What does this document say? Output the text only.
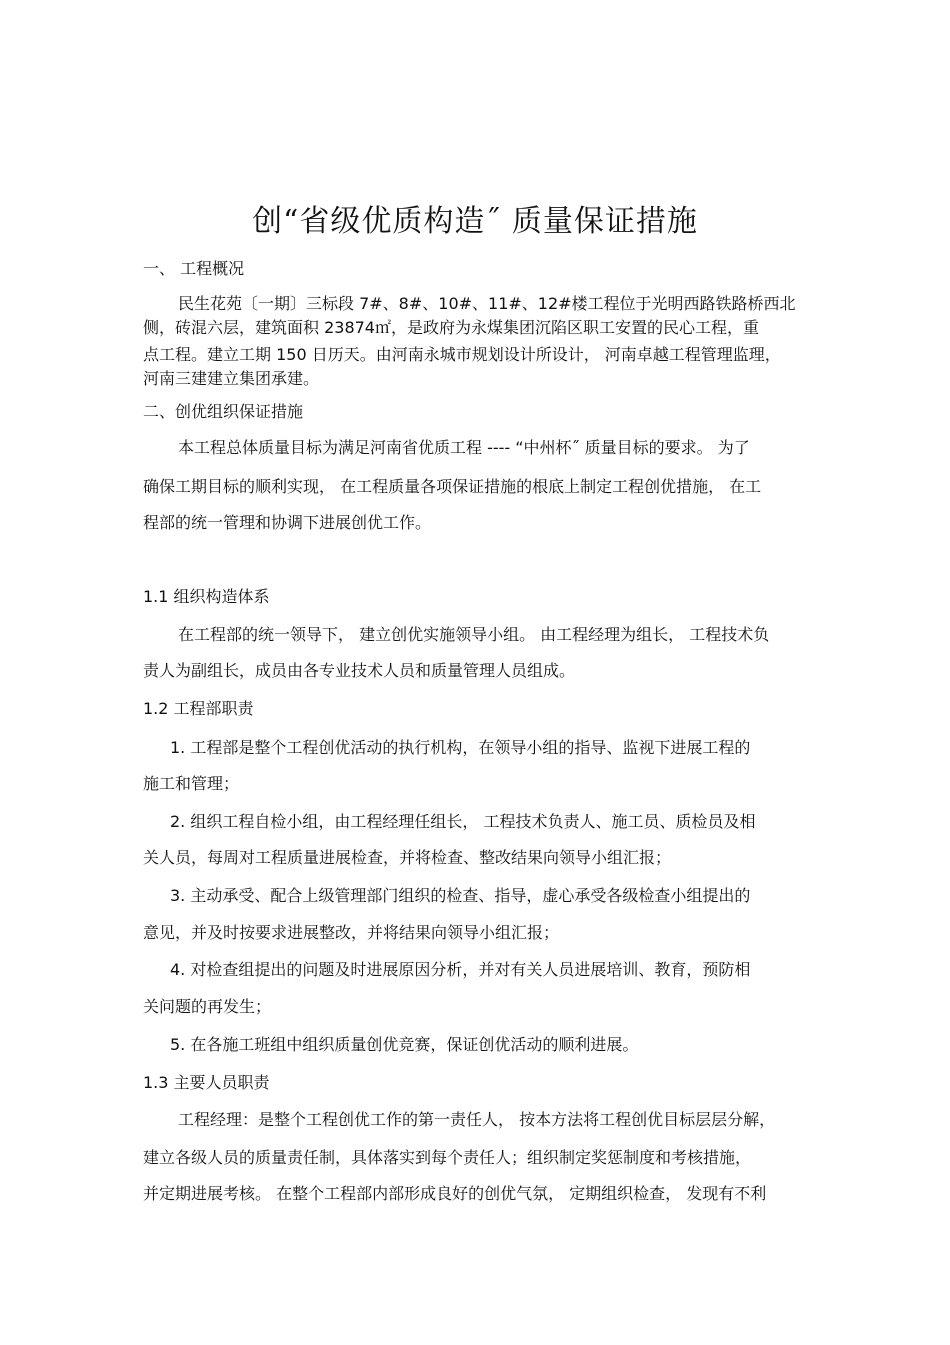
创“省级优质构造˝ 质量保证措施
一、 工程概况
民生花苑〔一期〕三标段 7#、8#、10#、11#、12#楼工程位于光明西路铁路桥西北
侧，砖混六层，建筑面积 23874㎡，是政府为永煤集团沉陷区职工安置的民心工程，重
点工程。建立工期 150 日历天。由河南永城市规划设计所设计， 河南卓越工程管理监理，
河南三建建立集团承建。
二、创优组织保证措施
本工程总体质量目标为满足河南省优质工程 ---- “中州杯˝ 质量目标的要求。 为了
确保工期目标的顺利实现， 在工程质量各项保证措施的根底上制定工程创优措施， 在工
程部的统一管理和协调下进展创优工作。
1.1 组织构造体系
在工程部的统一领导下， 建立创优实施领导小组。 由工程经理为组长， 工程技术负
责人为副组长，成员由各专业技术人员和质量管理人员组成。
1.2 工程部职责
1. 工程部是整个工程创优活动的执行机构，在领导小组的指导、监视下进展工程的
施工和管理；
2. 组织工程自检小组，由工程经理任组长， 工程技术负责人、施工员、质检员及相
关人员，每周对工程质量进展检查，并将检查、整改结果向领导小组汇报；
3. 主动承受、配合上级管理部门组织的检查、指导，虚心承受各级检查小组提出的
意见，并及时按要求进展整改，并将结果向领导小组汇报；
4. 对检查组提出的问题及时进展原因分析，并对有关人员进展培训、教育，预防相
关问题的再发生；
5. 在各施工班组中组织质量创优竞赛，保证创优活动的顺利进展。
1.3 主要人员职责
工程经理：是整个工程创优工作的第一责任人， 按本方法将工程创优目标层层分解，
建立各级人员的质量责任制，具体落实到每个责任人；组织制定奖惩制度和考核措施，
并定期进展考核。 在整个工程部内部形成良好的创优气氛， 定期组织检查， 发现有不利
